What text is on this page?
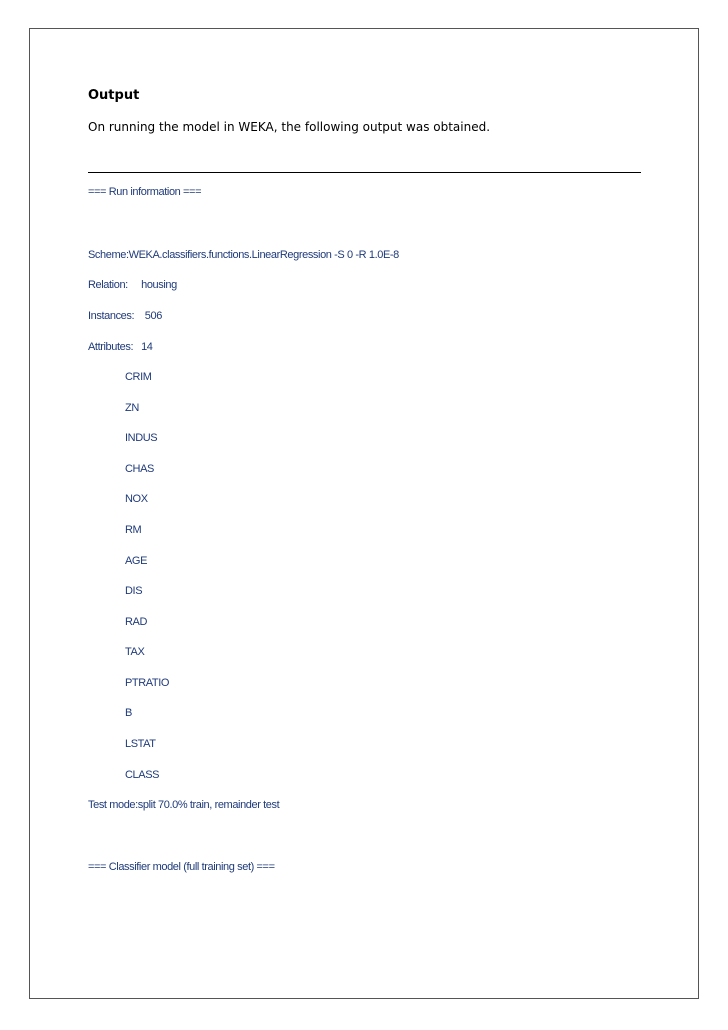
Output
On running the model in WEKA, the following output was obtained.
=== Run information ===
Scheme:WEKA.classifiers.functions.LinearRegression -S 0 -R 1.0E-8
Relation:     housing
Instances:    506
Attributes:   14
CRIM
ZN
INDUS
CHAS
NOX
RM
AGE
DIS
RAD
TAX
PTRATIO
B
LSTAT
CLASS
Test mode:split 70.0% train, remainder test
=== Classifier model (full training set) ===
